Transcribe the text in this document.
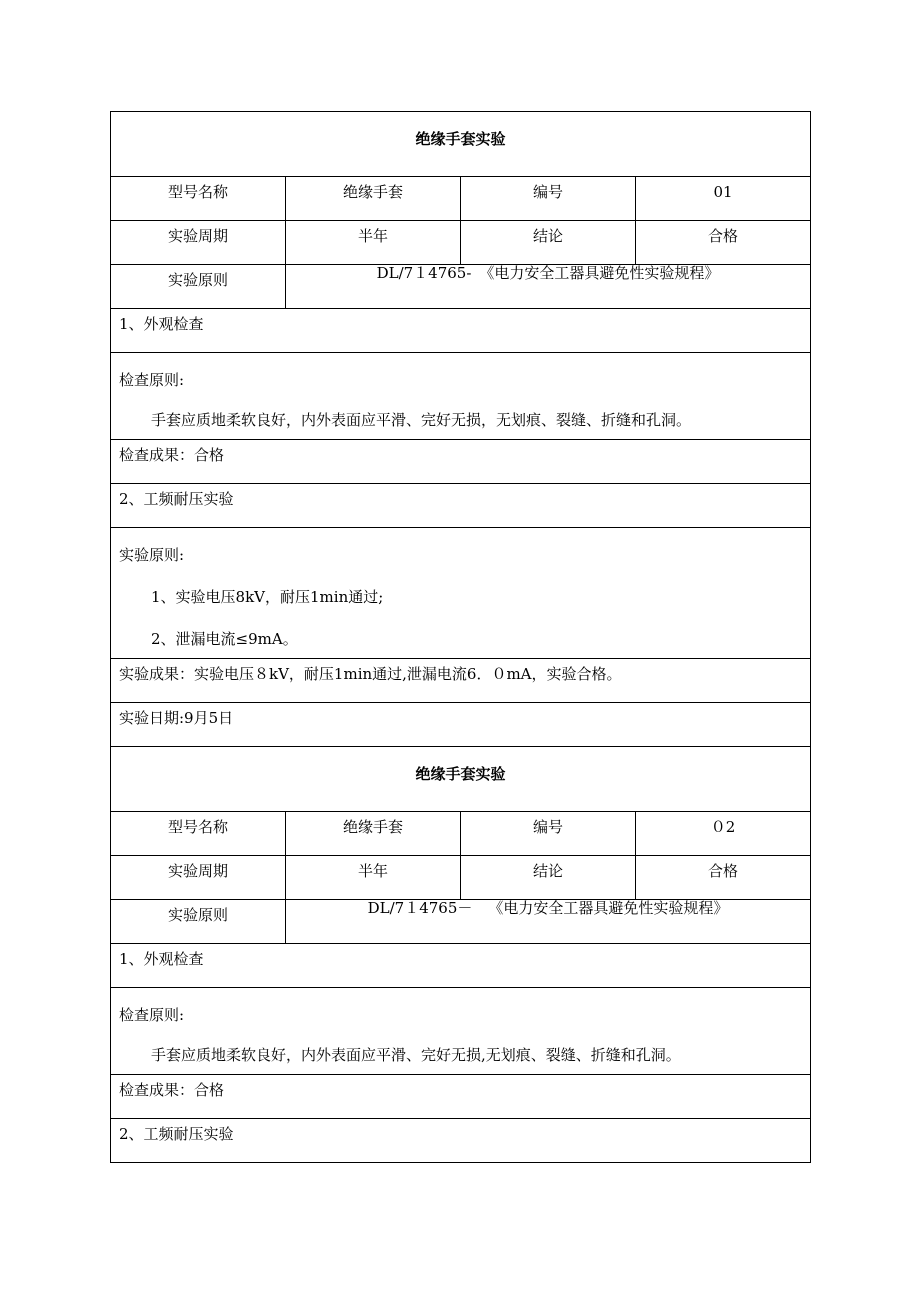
绝缘手套实验			
型号名称	绝缘手套	编号	01
实验周期	半年	结论	合格
实验原则	DL/7１4765- 《电力安全工器具避免性实验规程》		
1、外观检查			

检查原则:
手套应质地柔软良好，内外表面应平滑、完好无损，无划痕、裂缝、折缝和孔洞。			

检查成果：合格			
2、工频耐压实验			

实验原则:
1、实验电压8kV，耐压1min通过;
2、泄漏电流≤9mA。			

实验成果：实验电压８kV，耐压1min通过,泄漏电流6．０mA，实验合格。			
实验日期:9月5日			
绝缘手套实验			
型号名称	绝缘手套	编号	０2
实验周期	半年	结论	合格
实验原则	DL/7１4765－ 《电力安全工器具避免性实验规程》		
1、外观检查			

检查原则:
手套应质地柔软良好，内外表面应平滑、完好无损,无划痕、裂缝、折缝和孔洞。			

检查成果：合格			
2、工频耐压实验			
